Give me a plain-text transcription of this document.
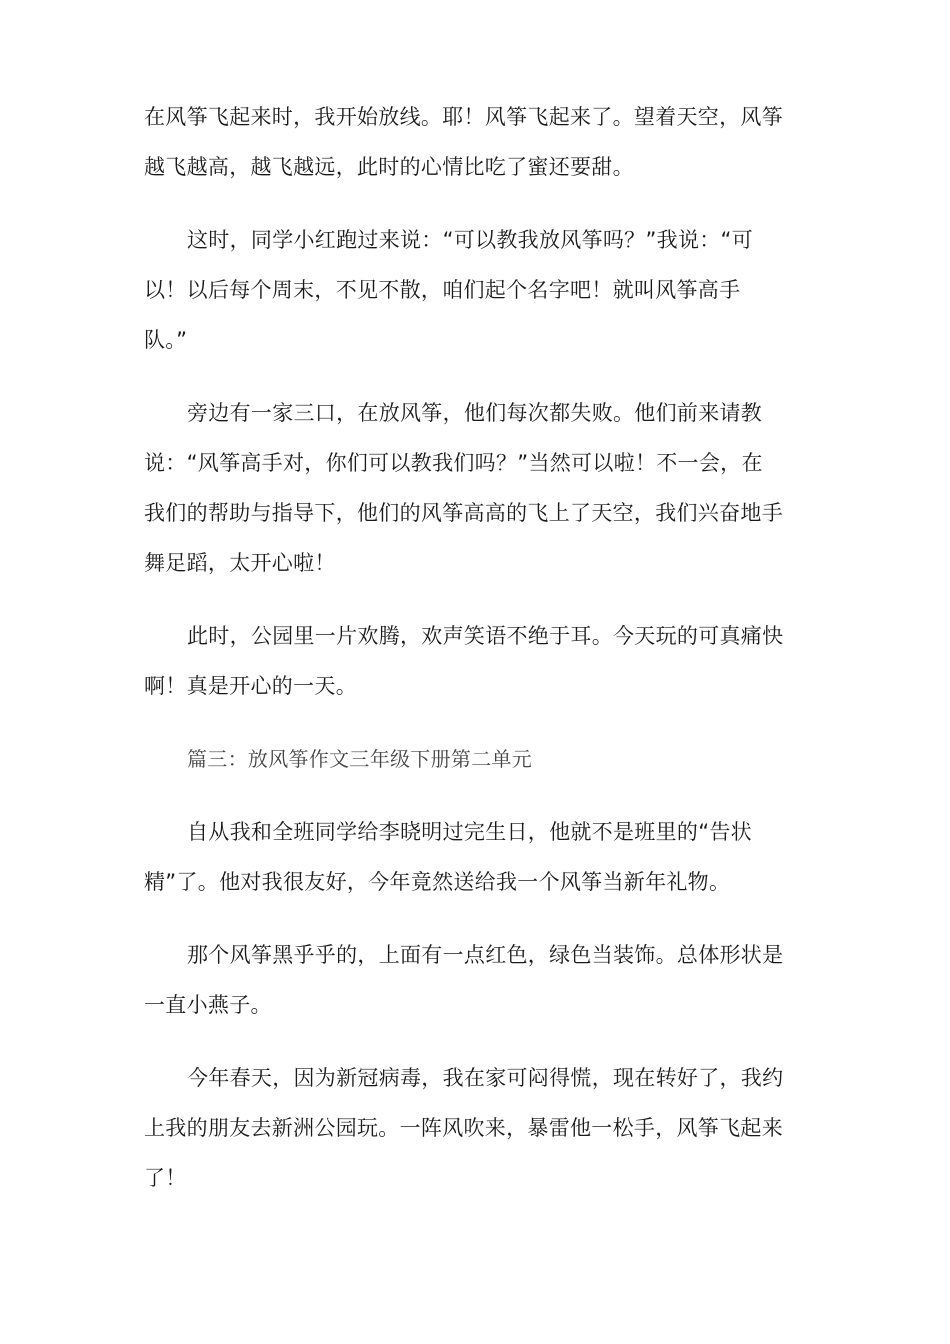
在风筝飞起来时，我开始放线。耶！风筝飞起来了。望着天空，风筝
越飞越高，越飞越远，此时的心情比吃了蜜还要甜。

这时，同学小红跑过来说：“可以教我放风筝吗？”我说：“可
以！以后每个周末，不见不散，咱们起个名字吧！就叫风筝高手
队。”

旁边有一家三口，在放风筝，他们每次都失败。他们前来请教
说：“风筝高手对，你们可以教我们吗？”当然可以啦！不一会，在
我们的帮助与指导下，他们的风筝高高的飞上了天空，我们兴奋地手
舞足蹈，太开心啦！

此时，公园里一片欢腾，欢声笑语不绝于耳。今天玩的可真痛快
啊！真是开心的一天。

篇三：放风筝作文三年级下册第二单元

自从我和全班同学给李晓明过完生日，他就不是班里的“告状
精”了。他对我很友好，今年竟然送给我一个风筝当新年礼物。

那个风筝黑乎乎的，上面有一点红色，绿色当装饰。总体形状是
一直小燕子。

今年春天，因为新冠病毒，我在家可闷得慌，现在转好了，我约
上我的朋友去新洲公园玩。一阵风吹来，暴雷他一松手，风筝飞起来
了！
